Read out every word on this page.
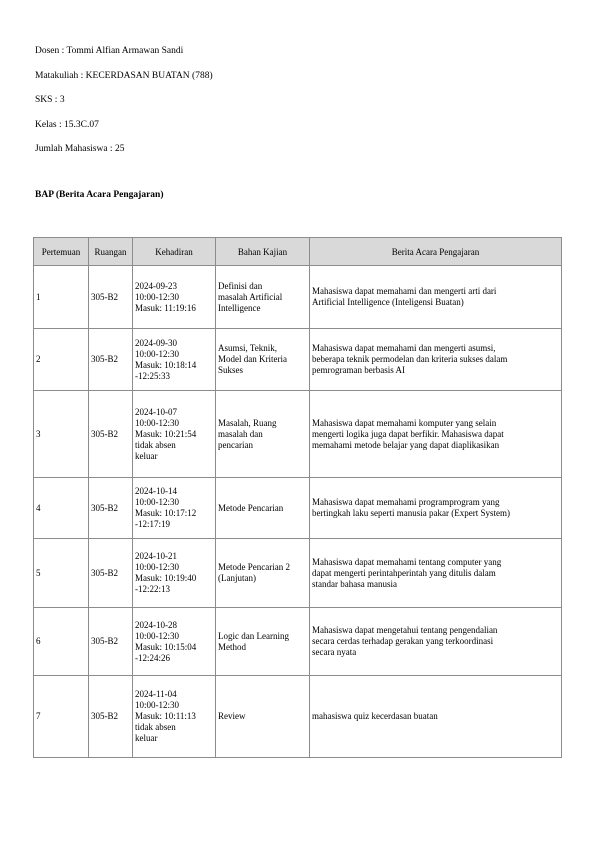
Dosen : Tommi Alfian Armawan Sandi
Matakuliah : KECERDASAN BUATAN (788)
SKS : 3
Kelas : 15.3C.07
Jumlah Mahasiswa : 25
BAP (Berita Acara Pengajaran)
Pertemuan	Ruangan	Kehadiran	Bahan Kajian	Berita Acara Pengajaran
1	305-B2	2024-09-23
10:00-12:30
Masuk: 11:19:16	Definisi dan
masalah Artificial
Intelligence	Mahasiswa dapat memahami dan mengerti arti dari
Artificial Intelligence (Inteligensi Buatan)

2	305-B2	2024-09-30
10:00-12:30
Masuk: 10:18:14
-12:25:33	Asumsi, Teknik,
Model dan Kriteria
Sukses	Mahasiswa dapat memahami dan mengerti asumsi,
beberapa teknik permodelan dan kriteria sukses dalam
pemrograman berbasis AI

3	305-B2	2024-10-07
10:00-12:30
Masuk: 10:21:54
tidak absen
keluar	Masalah, Ruang
masalah dan
pencarian	Mahasiswa dapat memahami komputer yang selain
mengerti logika juga dapat berfikir. Mahasiswa dapat
memahami metode belajar yang dapat diaplikasikan

4	305-B2	2024-10-14
10:00-12:30
Masuk: 10:17:12
-12:17:19	Metode Pencarian	Mahasiswa dapat memahami programprogram yang
bertingkah laku seperti manusia pakar (Expert System)

5	305-B2	2024-10-21
10:00-12:30
Masuk: 10:19:40
-12:22:13	Metode Pencarian 2
(Lanjutan)	Mahasiswa dapat memahami tentang computer yang
dapat mengerti perintahperintah yang ditulis dalam
standar bahasa manusia

6	305-B2	2024-10-28
10:00-12:30
Masuk: 10:15:04
-12:24:26	Logic dan Learning
Method	Mahasiswa dapat mengetahui tentang pengendalian
secara cerdas terhadap gerakan yang terkoordinasi
secara nyata

7	305-B2	2024-11-04
10:00-12:30
Masuk: 10:11:13
tidak absen
keluar	Review	mahasiswa quiz kecerdasan buatan
